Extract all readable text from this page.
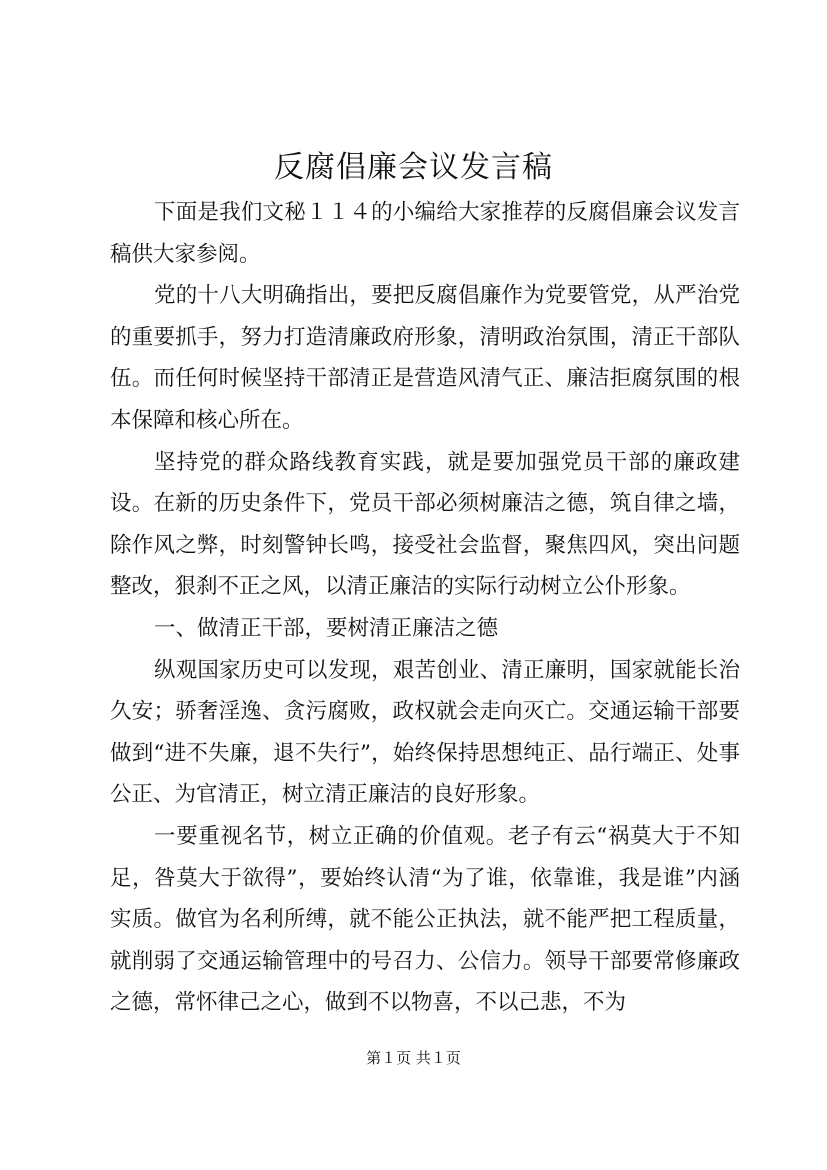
反腐倡廉会议发言稿

下面是我们文秘１１４的小编给大家推荐的反腐倡廉会议发言稿供大家参阅。

党的十八大明确指出，要把反腐倡廉作为党要管党，从严治党的重要抓手，努力打造清廉政府形象，清明政治氛围，清正干部队伍。而任何时候坚持干部清正是营造风清气正、廉洁拒腐氛围的根本保障和核心所在。

坚持党的群众路线教育实践，就是要加强党员干部的廉政建设。在新的历史条件下，党员干部必须树廉洁之德，筑自律之墙，除作风之弊，时刻警钟长鸣，接受社会监督，聚焦四风，突出问题整改，狠刹不正之风，以清正廉洁的实际行动树立公仆形象。

一、做清正干部，要树清正廉洁之德

纵观国家历史可以发现，艰苦创业、清正廉明，国家就能长治久安；骄奢淫逸、贪污腐败，政权就会走向灭亡。交通运输干部要做到“进不失廉，退不失行”，始终保持思想纯正、品行端正、处事公正、为官清正，树立清正廉洁的良好形象。

一要重视名节，树立正确的价值观。老子有云“祸莫大于不知足，咎莫大于欲得”，要始终认清“为了谁，依靠谁，我是谁”内涵实质。做官为名利所缚，就不能公正执法，就不能严把工程质量，就削弱了交通运输管理中的号召力、公信力。领导干部要常修廉政之德，常怀律己之心，做到不以物喜，不以己悲，不为

第１页 共１页
